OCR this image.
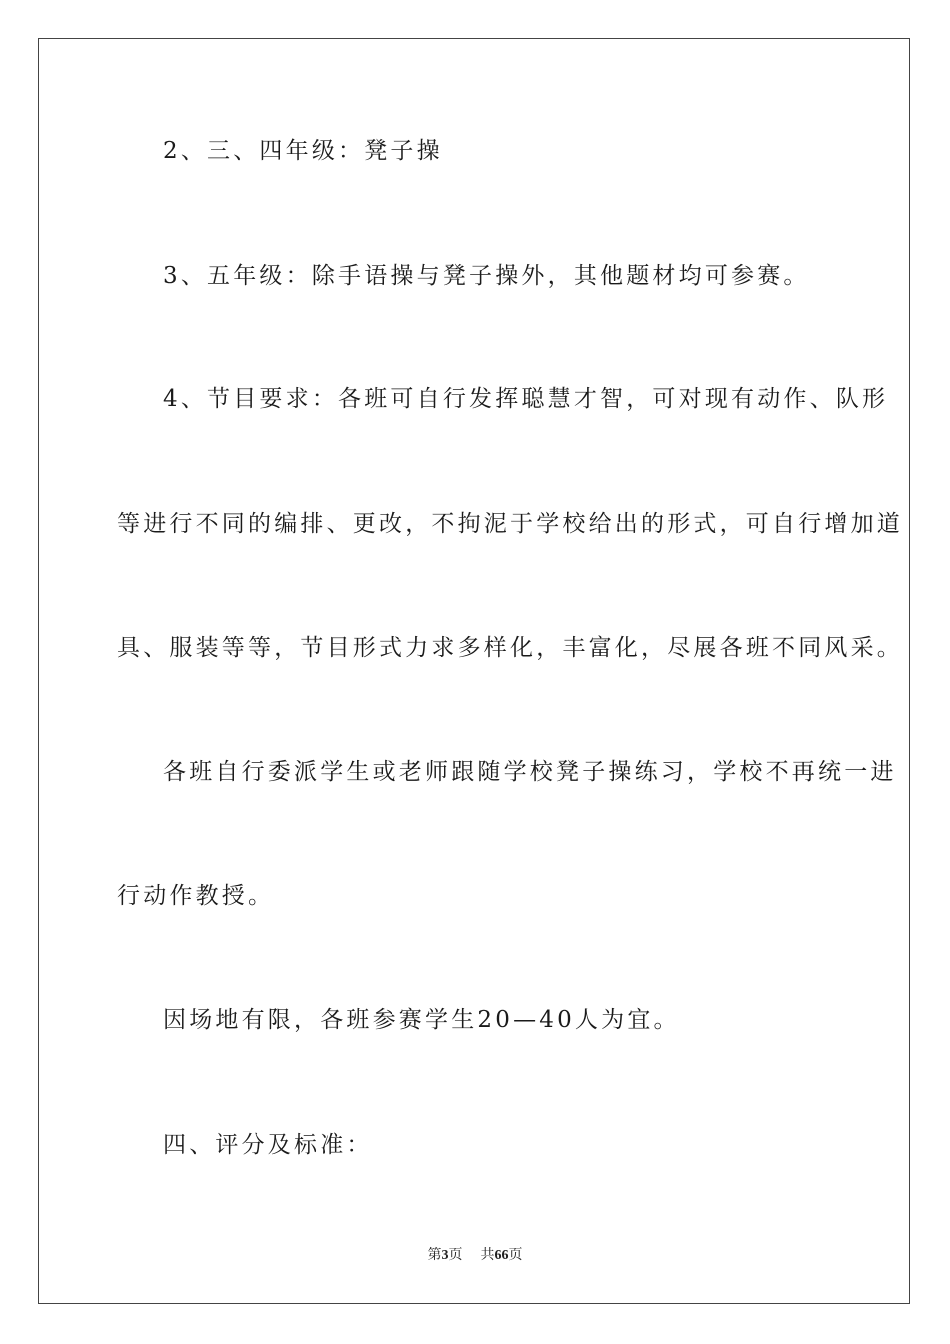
2、三、四年级：凳子操
3、五年级：除手语操与凳子操外，其他题材均可参赛。
4、节目要求：各班可自行发挥聪慧才智，可对现有动作、队形
等进行不同的编排、更改，不拘泥于学校给出的形式，可自行增加道
具、服装等等，节目形式力求多样化，丰富化，尽展各班不同风采。
各班自行委派学生或老师跟随学校凳子操练习，学校不再统一进
行动作教授。
因场地有限，各班参赛学生20—40人为宜。
四、评分及标准：
第3页 共66页
